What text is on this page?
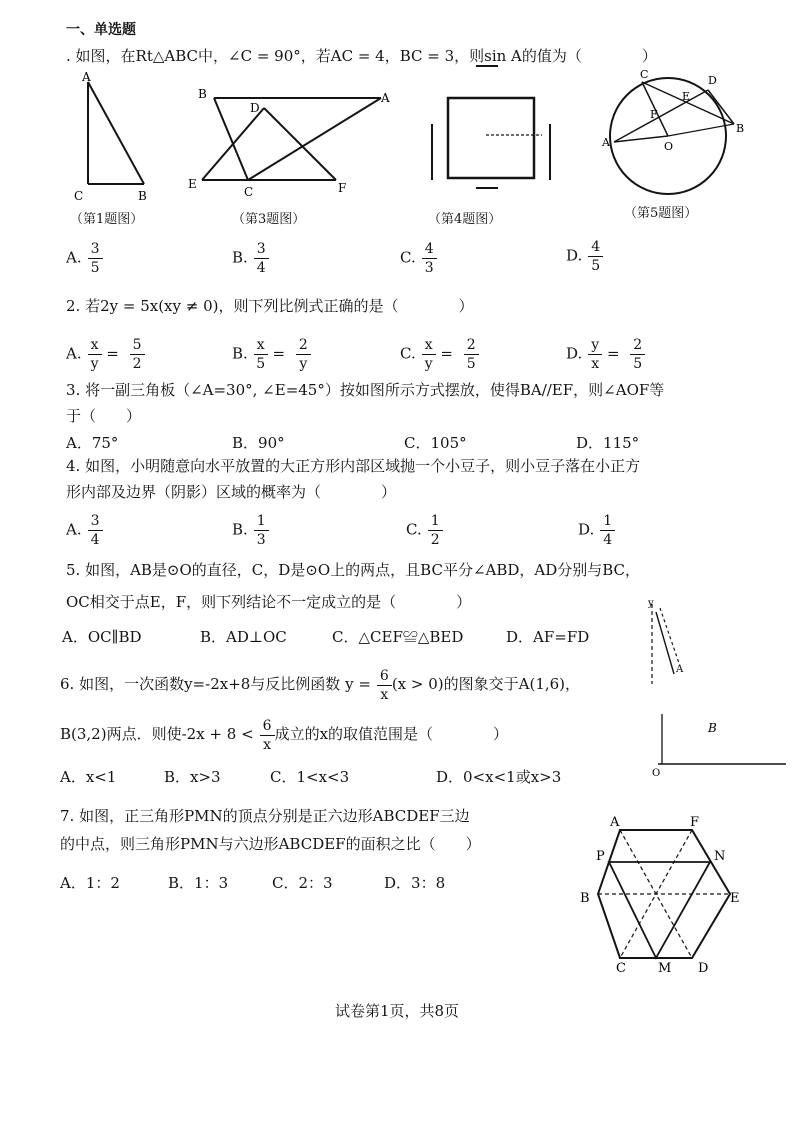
一、单选题
. 如图，在Rt△ABC中，∠C = 90°，若AC = 4，BC = 3，则sin A的值为（　　　　）
A
C	B
B
D
A
E
C	F
C	D
E
F
A	O
B
（第1题图）	（第3题图）	（第4题图）	（第5题图）
A. $\frac{3}{5}$	B. $\frac{3}{4}$	C. $\frac{4}{3}$	D. $\frac{4}{5}$
2. 若2y = 5x(xy ≠ 0)，则下列比例式正确的是（　　　　）
A. $\frac{x}{y} = \frac{5}{2}$	B. $\frac{x}{5} = \frac{2}{y}$	C. $\frac{x}{y} = \frac{2}{5}$	D. $\frac{y}{x} = \frac{2}{5}$
3. 将一副三角板（∠A=30°, ∠E=45°）按如图所示方式摆放，使得BA//EF，则∠AOF等
于（　　）
A．75°	B．90°	C．105°	D．115°
4. 如图，小明随意向水平放置的大正方形内部区域抛一个小豆子，则小豆子落在小正方
形内部及边界（阴影）区域的概率为（　　　　）
A. $\frac{3}{4}$	B. $\frac{1}{3}$	C. $\frac{1}{2}$	D. $\frac{1}{4}$
5. 如图，AB是⊙O的直径，C，D是⊙O上的两点，且BC平分∠ABD，AD分别与BC，
OC相交于点E，F，则下列结论不一定成立的是（　　　　）
A．OC∥BD	B．AD⊥OC	C．△CEF≌△BED	D．AF=FD
6. 如图，一次函数y=-2x+8与反比例函数 $y = \frac{6}{x} (x > 0)$的图象交于A(1,6)，
B(3,2)两点．则使$-2x + 8 < \frac{6}{x}$ 成立的x的取值范围是（　　　　）
A．x<1	B．x>3	C．1<x<3	D．0<x<1或x>3
y
A
B
O
7. 如图，正三角形PMN的顶点分别是正六边形ABCDEF三边
的中点，则三角形PMN与六边形ABCDEF的面积之比（　　）
A．1：2	B．1：3	C．2：3	D．3：8
A	F
P	N
B	E
C M D
试卷第1页，共8页
